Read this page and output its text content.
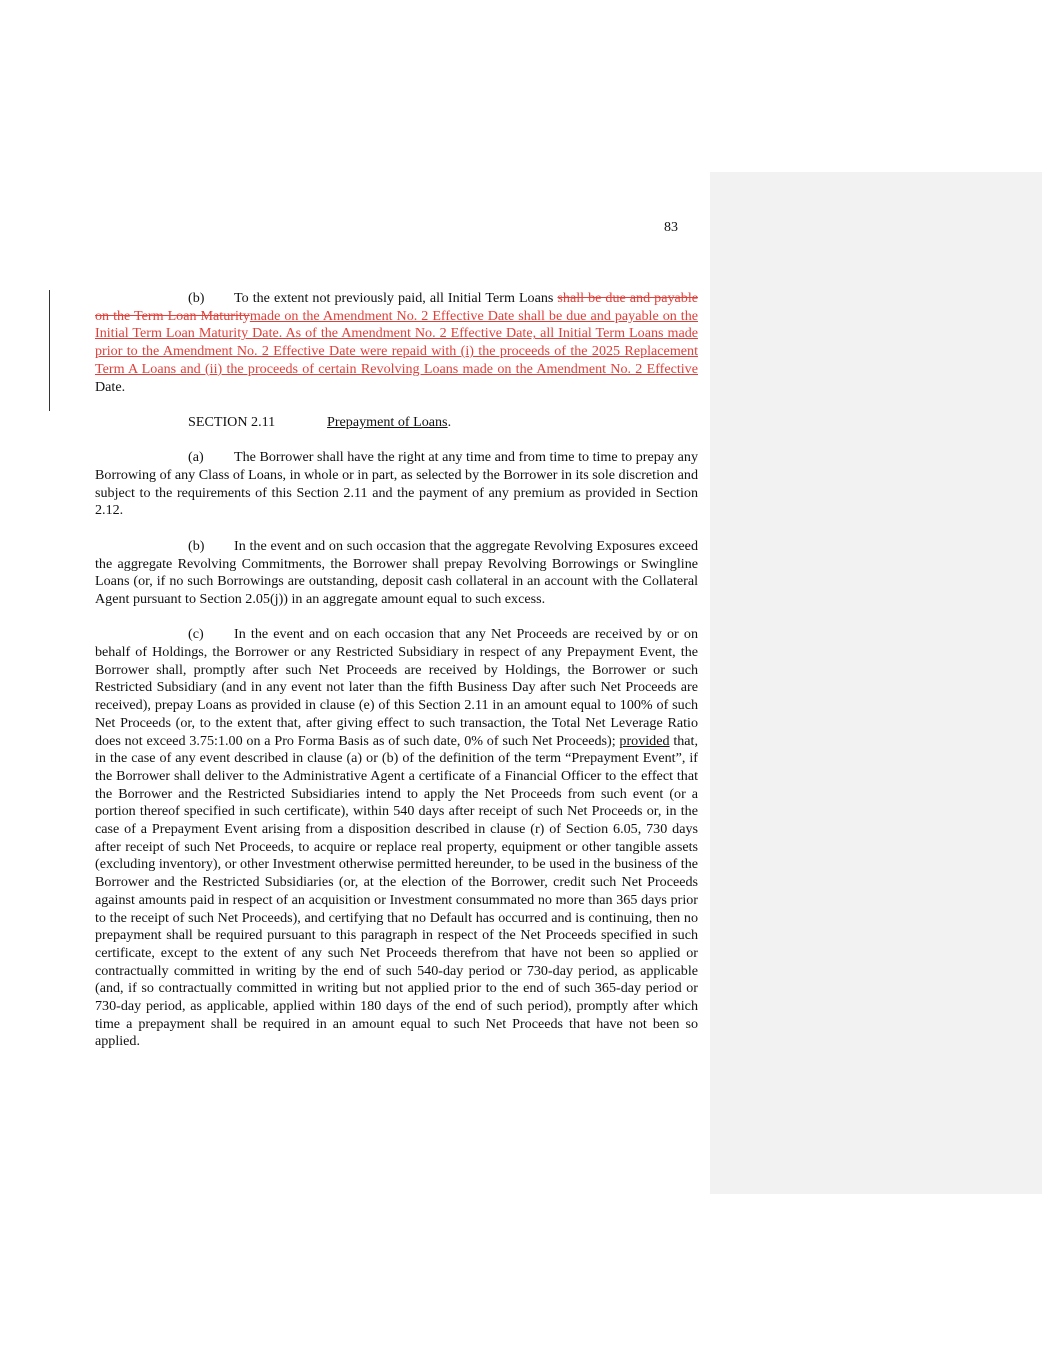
83

(b) To the extent not previously paid, all Initial Term Loans shall be due and payable on the Term Loan Maturitymade on the Amendment No. 2 Effective Date shall be due and payable on the Initial Term Loan Maturity Date. As of the Amendment No. 2 Effective Date, all Initial Term Loans made prior to the Amendment No. 2 Effective Date were repaid with (i) the proceeds of the 2025 Replacement Term A Loans and (ii) the proceeds of certain Revolving Loans made on the Amendment No. 2 Effective Date.

SECTION 2.11	Prepayment of Loans.

(a) The Borrower shall have the right at any time and from time to time to prepay any Borrowing of any Class of Loans, in whole or in part, as selected by the Borrower in its sole discretion and subject to the requirements of this Section 2.11 and the payment of any premium as provided in Section 2.12.

(b) In the event and on such occasion that the aggregate Revolving Exposures exceed the aggregate Revolving Commitments, the Borrower shall prepay Revolving Borrowings or Swingline Loans (or, if no such Borrowings are outstanding, deposit cash collateral in an account with the Collateral Agent pursuant to Section 2.05(j)) in an aggregate amount equal to such excess.

(c) In the event and on each occasion that any Net Proceeds are received by or on behalf of Holdings, the Borrower or any Restricted Subsidiary in respect of any Prepayment Event, the Borrower shall, promptly after such Net Proceeds are received by Holdings, the Borrower or such Restricted Subsidiary (and in any event not later than the fifth Business Day after such Net Proceeds are received), prepay Loans as provided in clause (e) of this Section 2.11 in an amount equal to 100% of such Net Proceeds (or, to the extent that, after giving effect to such transaction, the Total Net Leverage Ratio does not exceed 3.75:1.00 on a Pro Forma Basis as of such date, 0% of such Net Proceeds); provided that, in the case of any event described in clause (a) or (b) of the definition of the term “Prepayment Event”, if the Borrower shall deliver to the Administrative Agent a certificate of a Financial Officer to the effect that the Borrower and the Restricted Subsidiaries intend to apply the Net Proceeds from such event (or a portion thereof specified in such certificate), within 540 days after receipt of such Net Proceeds or, in the case of a Prepayment Event arising from a disposition described in clause (r) of Section 6.05, 730 days after receipt of such Net Proceeds, to acquire or replace real property, equipment or other tangible assets (excluding inventory), or other Investment otherwise permitted hereunder, to be used in the business of the Borrower and the Restricted Subsidiaries (or, at the election of the Borrower, credit such Net Proceeds against amounts paid in respect of an acquisition or Investment consummated no more than 365 days prior to the receipt of such Net Proceeds), and certifying that no Default has occurred and is continuing, then no prepayment shall be required pursuant to this paragraph in respect of the Net Proceeds specified in such certificate, except to the extent of any such Net Proceeds therefrom that have not been so applied or contractually committed in writing by the end of such 540-day period or 730-day period, as applicable (and, if so contractually committed in writing but not applied prior to the end of such 365-day period or 730-day period, as applicable, applied within 180 days of the end of such period), promptly after which time a prepayment shall be required in an amount equal to such Net Proceeds that have not been so applied.
